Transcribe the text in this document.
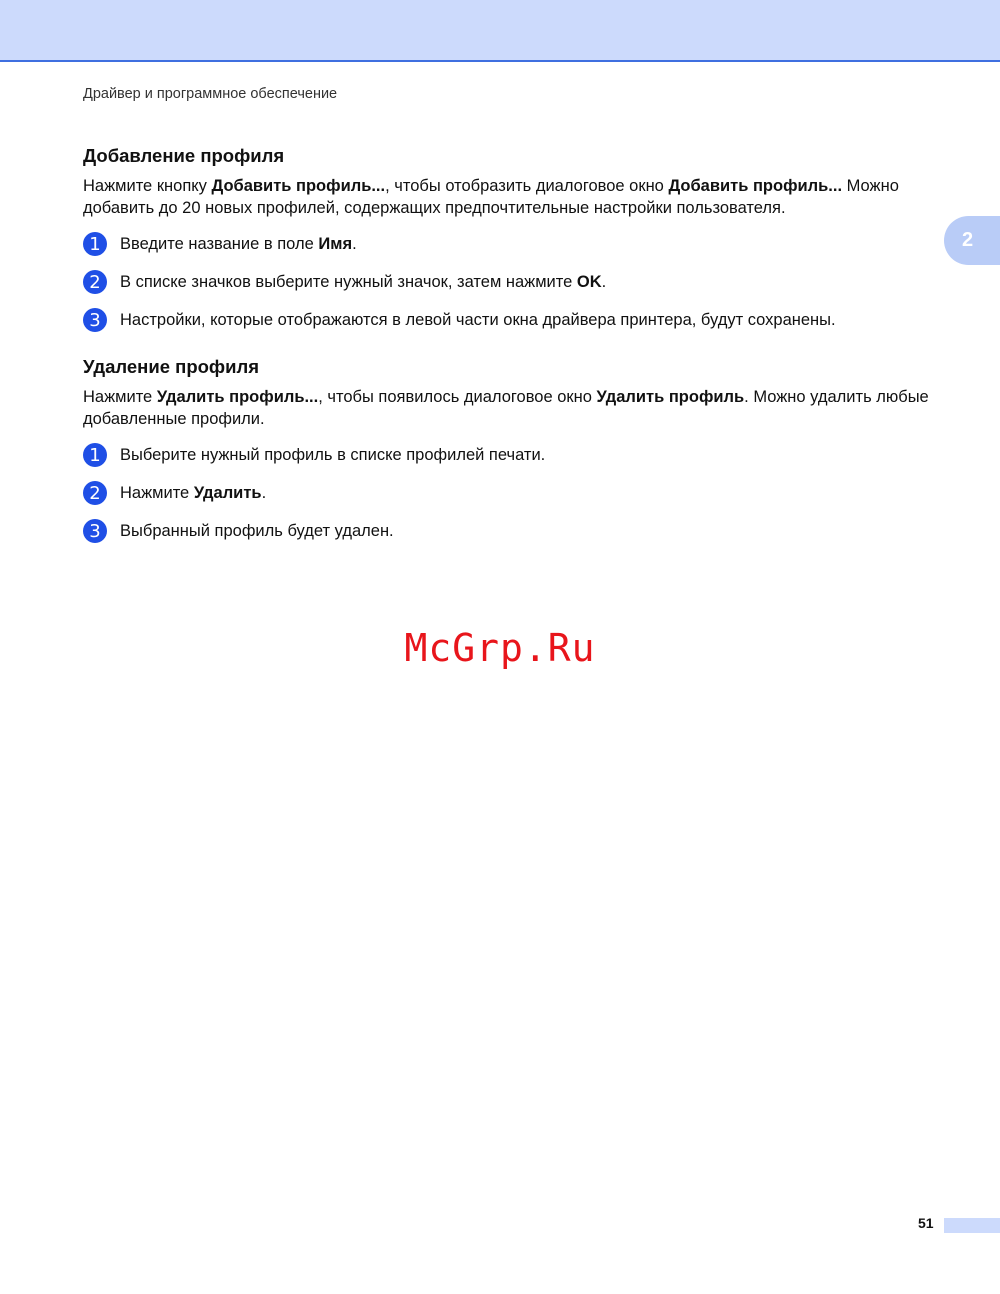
Драйвер и программное обеспечение
2
Добавление профиля
Нажмите кнопку Добавить профиль..., чтобы отобразить диалоговое окно Добавить профиль... Можно добавить до 20 новых профилей, содержащих предпочтительные настройки пользователя.
1	Введите название в поле Имя.
2	В списке значков выберите нужный значок, затем нажмите OK.
3	Настройки, которые отображаются в левой части окна драйвера принтера, будут сохранены.
Удаление профиля
Нажмите Удалить профиль..., чтобы появилось диалоговое окно Удалить профиль. Можно удалить любые добавленные профили.
1	Выберите нужный профиль в списке профилей печати.
2	Нажмите Удалить.
3	Выбранный профиль будет удален.
McGrp.Ru
51
